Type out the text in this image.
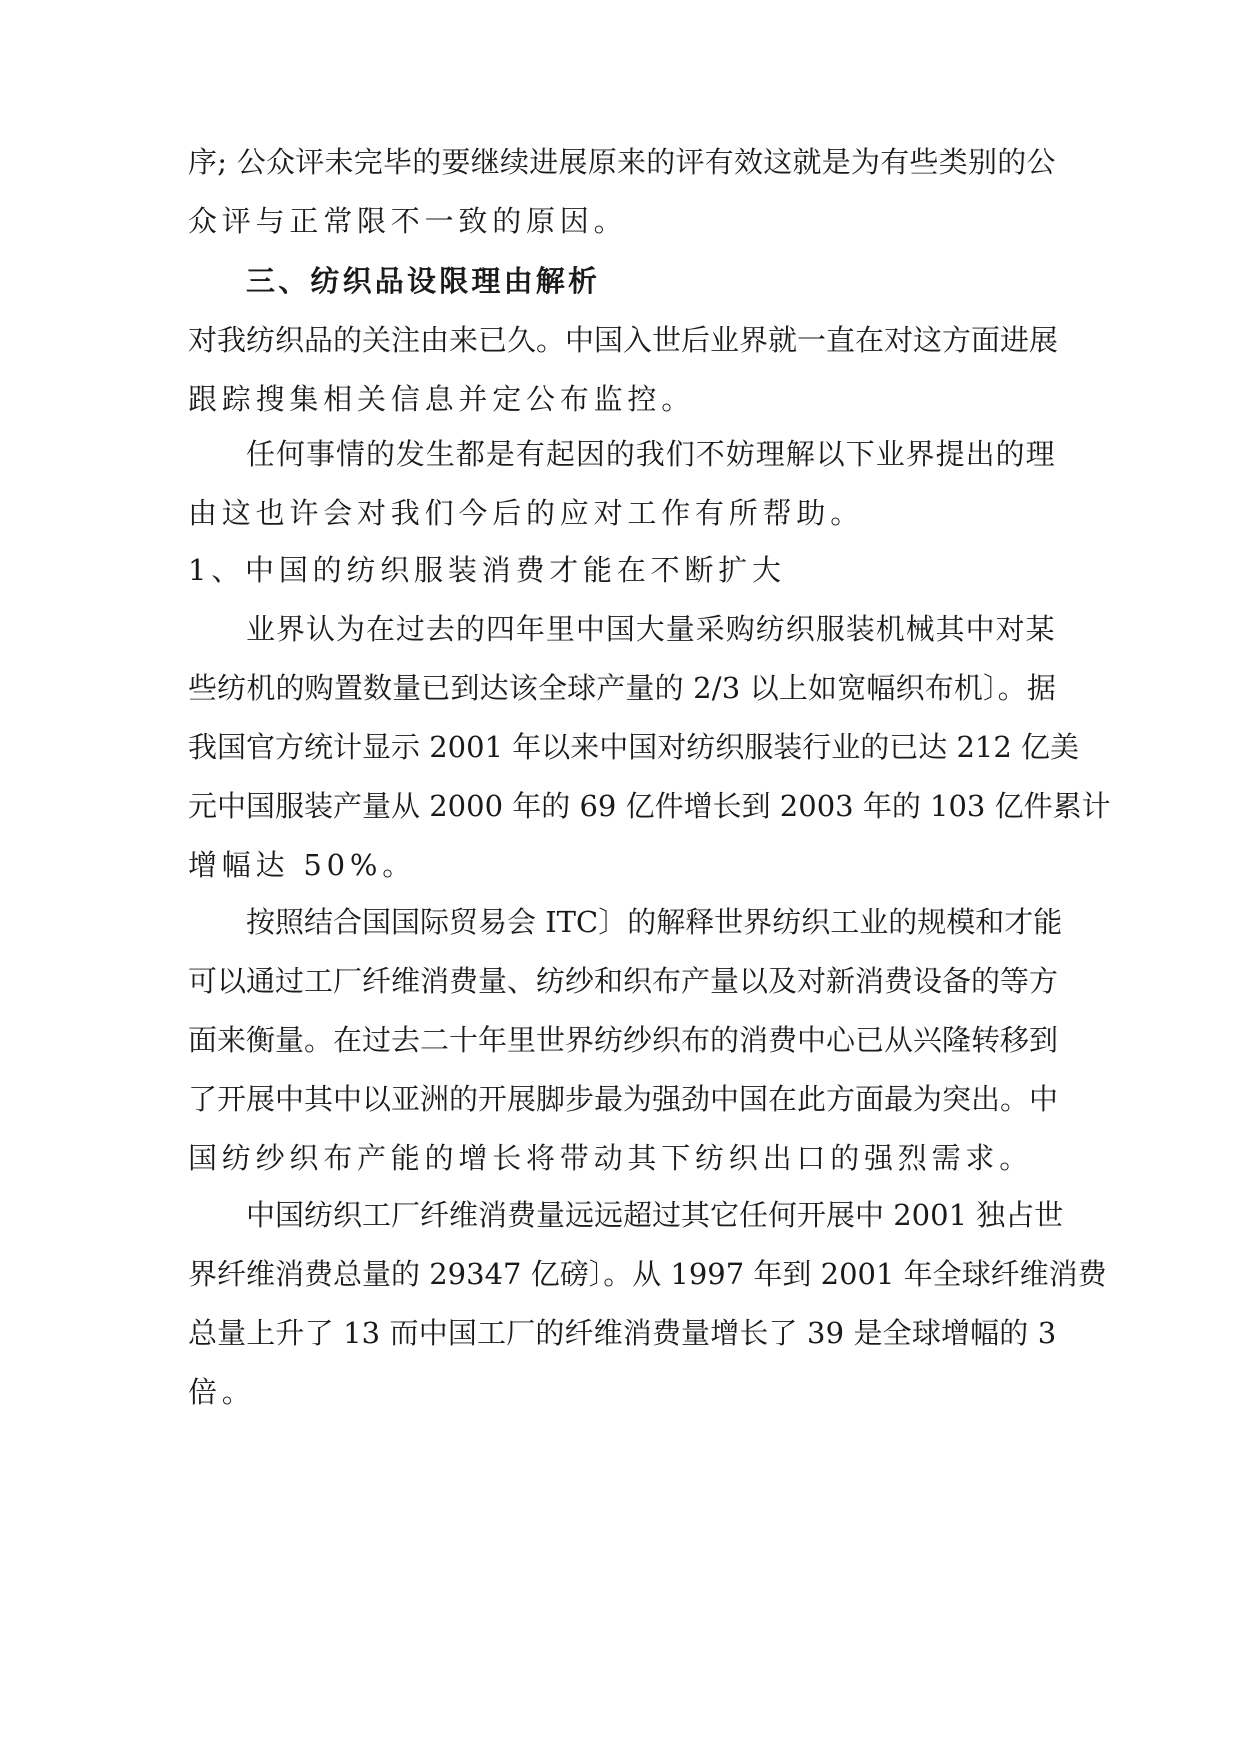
序; 公众评未完毕的要继续进展原来的评有效这就是为有些类别的公
众评与正常限不一致的原因。
三、纺织品设限理由解析
对我纺织品的关注由来已久。中国入世后业界就一直在对这方面进展
跟踪搜集相关信息并定公布监控。
任何事情的发生都是有起因的我们不妨理解以下业界提出的理
由这也许会对我们今后的应对工作有所帮助。
1、中国的纺织服装消费才能在不断扩大
业界认为在过去的四年里中国大量采购纺织服装机械其中对某
些纺机的购置数量已到达该全球产量的 2/3 以上如宽幅织布机〕。据
我国官方统计显示 2001 年以来中国对纺织服装行业的已达 212 亿美
元中国服装产量从 2000 年的 69 亿件增长到 2003 年的 103 亿件累计
增幅达 50%。
按照结合国国际贸易会 ITC〕的解释世界纺织工业的规模和才能
可以通过工厂纤维消费量、纺纱和织布产量以及对新消费设备的等方
面来衡量。在过去二十年里世界纺纱织布的消费中心已从兴隆转移到
了开展中其中以亚洲的开展脚步最为强劲中国在此方面最为突出。中
国纺纱织布产能的增长将带动其下纺织出口的强烈需求。
中国纺织工厂纤维消费量远远超过其它任何开展中 2001 独占世
界纤维消费总量的 29347 亿磅〕。从 1997 年到 2001 年全球纤维消费
总量上升了 13 而中国工厂的纤维消费量增长了 39 是全球增幅的 3
倍。
